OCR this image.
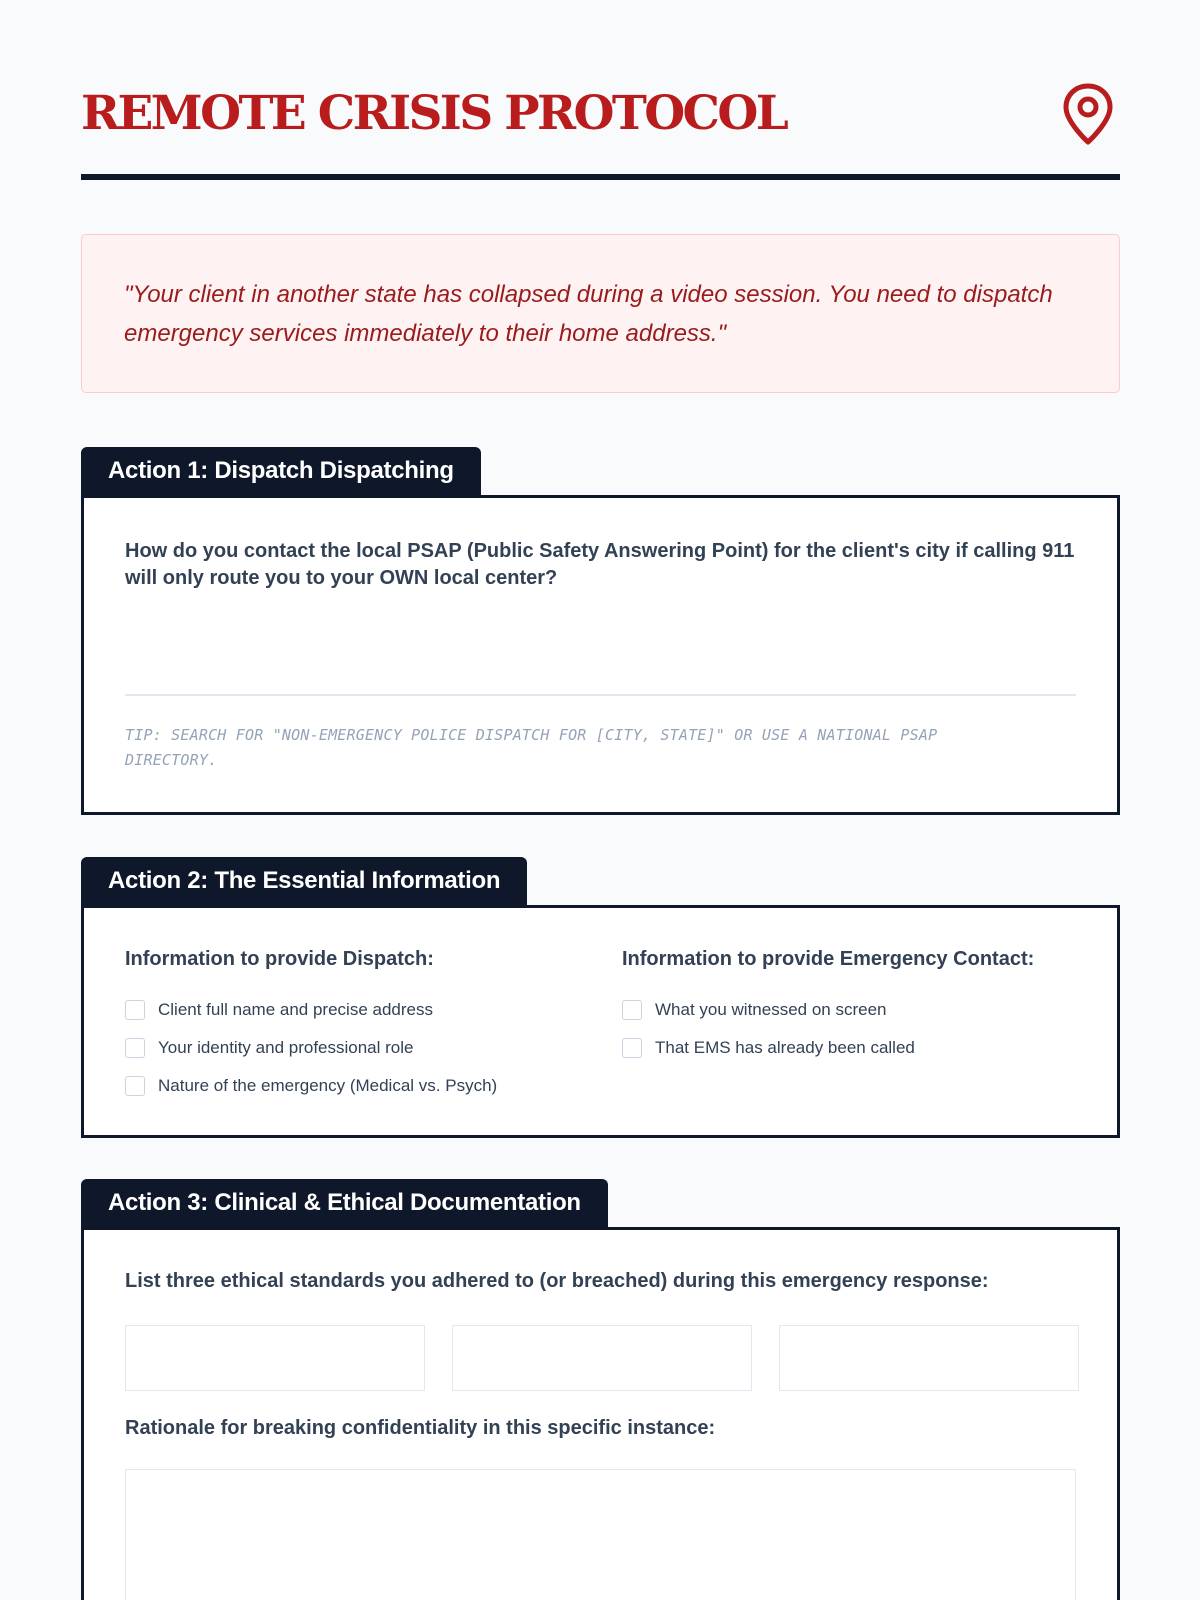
REMOTE CRISIS PROTOCOL

"Your client in another state has collapsed during a video session. You need to dispatch emergency services immediately to their home address."

Action 1: Dispatch Dispatching
How do you contact the local PSAP (Public Safety Answering Point) for the client's city if calling 911 will only route you to your OWN local center?
TIP: SEARCH FOR "NON-EMERGENCY POLICE DISPATCH FOR [CITY, STATE]" OR USE A NATIONAL PSAP DIRECTORY.
Action 2: The Essential Information
Information to provide Dispatch:
Client full name and precise address
Your identity and professional role
Nature of the emergency (Medical vs. Psych)
Information to provide Emergency Contact:
What you witnessed on screen
That EMS has already been called
Action 3: Clinical & Ethical Documentation
List three ethical standards you adhered to (or breached) during this emergency response:
Rationale for breaking confidentiality in this specific instance:
